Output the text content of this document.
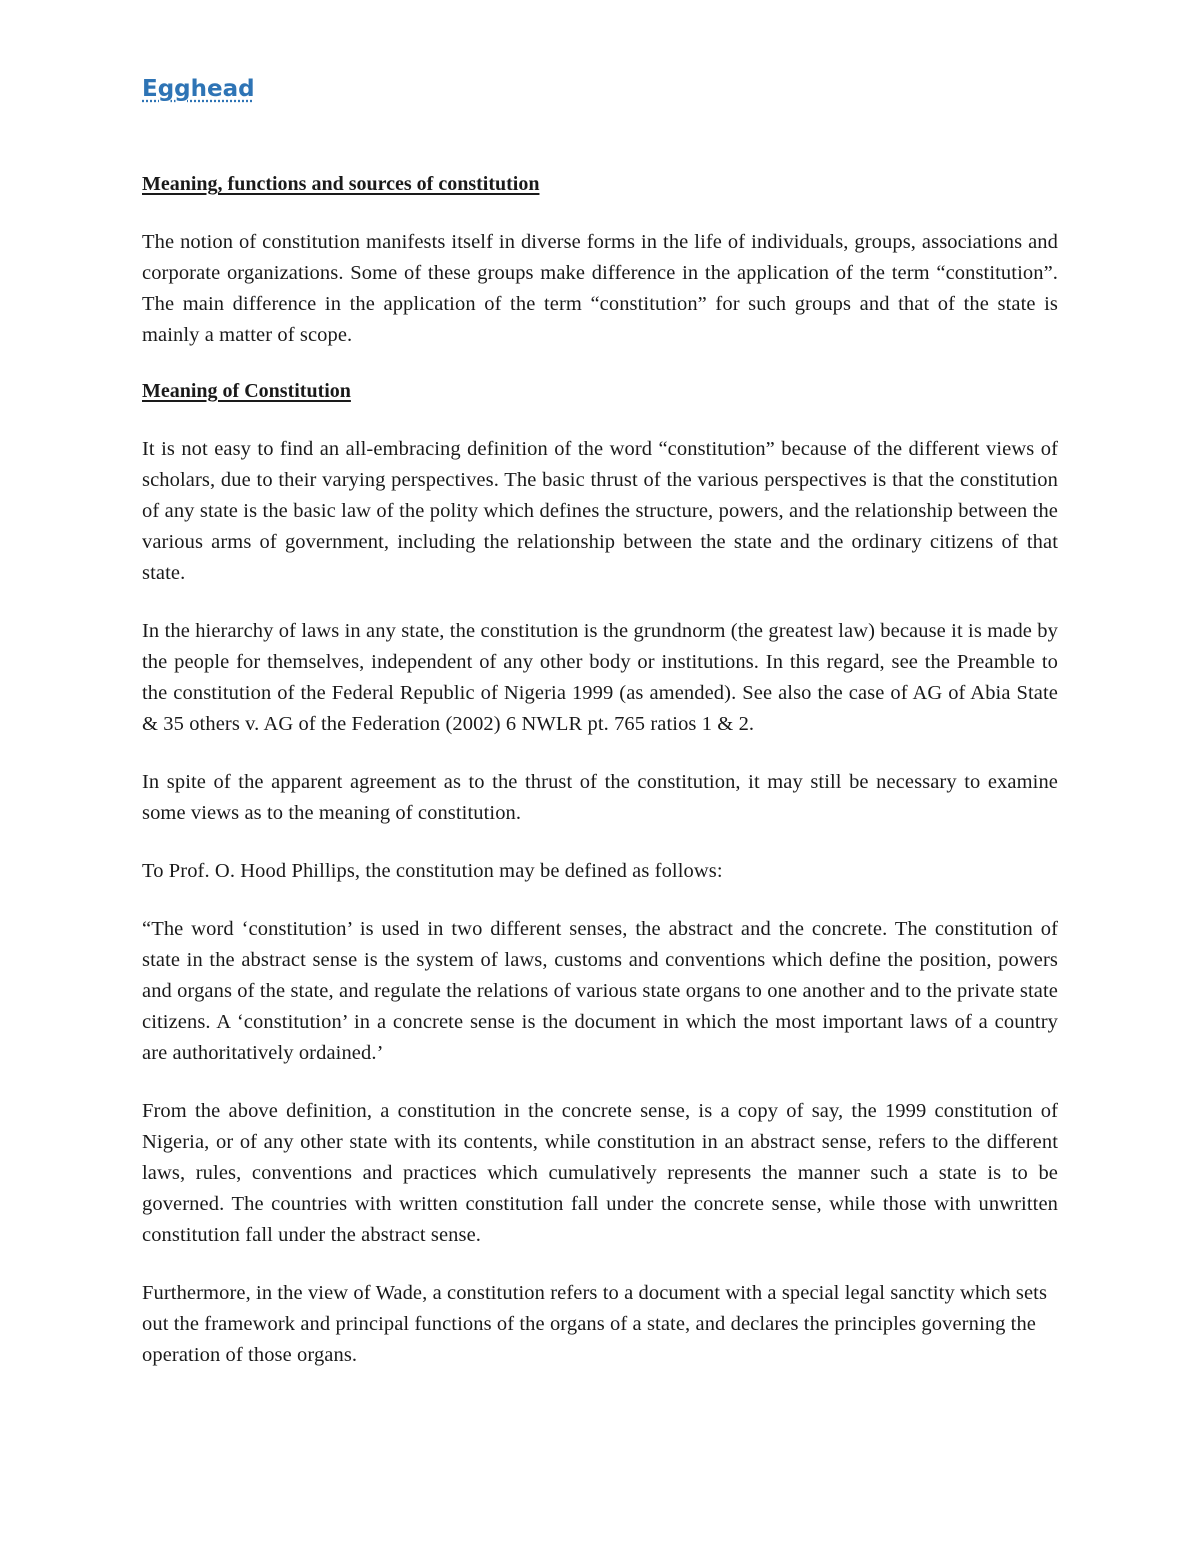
Egghead
Meaning, functions and sources of constitution

The notion of constitution manifests itself in diverse forms in the life of individuals, groups, associations and corporate organizations. Some of these groups make difference in the application of the term “constitution”. The main difference in the application of the term “constitution” for such groups and that of the state is mainly a matter of scope.

Meaning of Constitution

It is not easy to find an all-embracing definition of the word “constitution” because of the different views of scholars, due to their varying perspectives. The basic thrust of the various perspectives is that the constitution of any state is the basic law of the polity which defines the structure, powers, and the relationship between the various arms of government, including the relationship between the state and the ordinary citizens of that state.

In the hierarchy of laws in any state, the constitution is the grundnorm (the greatest law) because it is made by the people for themselves, independent of any other body or institutions. In this regard, see the Preamble to the constitution of the Federal Republic of Nigeria 1999 (as amended). See also the case of AG of Abia State & 35 others v. AG of the Federation (2002) 6 NWLR pt. 765 ratios 1 & 2.

In spite of the apparent agreement as to the thrust of the constitution, it may still be necessary to examine some views as to the meaning of constitution.

To Prof. O. Hood Phillips, the constitution may be defined as follows:

“The word ‘constitution’ is used in two different senses, the abstract and the concrete. The constitution of state in the abstract sense is the system of laws, customs and conventions which define the position, powers and organs of the state, and regulate the relations of various state organs to one another and to the private state citizens. A ‘constitution’ in a concrete sense is the document in which the most important laws of a country are authoritatively ordained.’

From the above definition, a constitution in the concrete sense, is a copy of say, the 1999 constitution of Nigeria, or of any other state with its contents, while constitution in an abstract sense, refers to the different laws, rules, conventions and practices which cumulatively represents the manner such a state is to be governed. The countries with written constitution fall under the concrete sense, while those with unwritten constitution fall under the abstract sense.

Furthermore, in the view of Wade, a constitution refers to a document with a special legal sanctity which sets out the framework and principal functions of the organs of a state, and declares the principles governing the operation of those organs.
